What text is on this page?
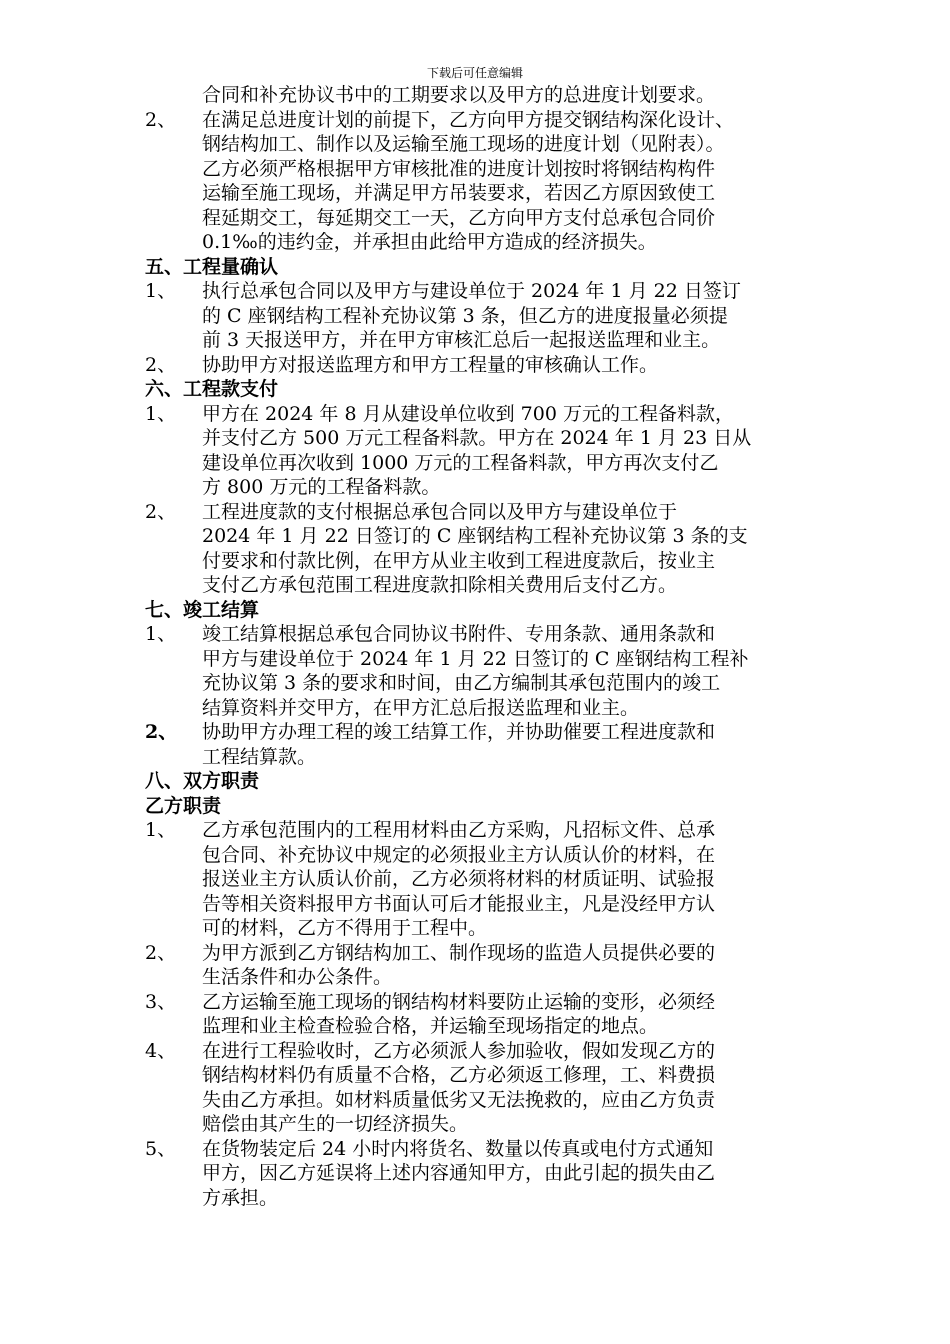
下载后可任意编辑
合同和补充协议书中的工期要求以及甲方的总进度计划要求。
2、	在满足总进度计划的前提下，乙方向甲方提交钢结构深化设计、
钢结构加工、制作以及运输至施工现场的进度计划（见附表）。
乙方必须严格根据甲方审核批准的进度计划按时将钢结构构件
运输至施工现场，并满足甲方吊装要求，若因乙方原因致使工
程延期交工，每延期交工一天，乙方向甲方支付总承包合同价
0.1‰的违约金，并承担由此给甲方造成的经济损失。
五、工程量确认
1、	执行总承包合同以及甲方与建设单位于 2024 年 1 月 22 日签订
的 C 座钢结构工程补充协议第 3 条，但乙方的进度报量必须提
前 3 天报送甲方，并在甲方审核汇总后一起报送监理和业主。
2、	协助甲方对报送监理方和甲方工程量的审核确认工作。
六、工程款支付
1、	甲方在 2024 年 8 月从建设单位收到 700 万元的工程备料款，
并支付乙方 500 万元工程备料款。甲方在 2024 年 1 月 23 日从
建设单位再次收到 1000 万元的工程备料款，甲方再次支付乙
方 800 万元的工程备料款。
2、	工程进度款的支付根据总承包合同以及甲方与建设单位于
2024 年 1 月 22 日签订的 C 座钢结构工程补充协议第 3 条的支
付要求和付款比例，在甲方从业主收到工程进度款后，按业主
支付乙方承包范围工程进度款扣除相关费用后支付乙方。
七、竣工结算
1、	竣工结算根据总承包合同协议书附件、专用条款、通用条款和
甲方与建设单位于 2024 年 1 月 22 日签订的 C 座钢结构工程补
充协议第 3 条的要求和时间，由乙方编制其承包范围内的竣工
结算资料并交甲方，在甲方汇总后报送监理和业主。
2、	协助甲方办理工程的竣工结算工作，并协助催要工程进度款和
工程结算款。
八、双方职责
乙方职责
1、	乙方承包范围内的工程用材料由乙方采购，凡招标文件、总承
包合同、补充协议中规定的必须报业主方认质认价的材料，在
报送业主方认质认价前，乙方必须将材料的材质证明、试验报
告等相关资料报甲方书面认可后才能报业主，凡是没经甲方认
可的材料，乙方不得用于工程中。
2、	为甲方派到乙方钢结构加工、制作现场的监造人员提供必要的
生活条件和办公条件。
3、	乙方运输至施工现场的钢结构材料要防止运输的变形，必须经
监理和业主检查检验合格，并运输至现场指定的地点。
4、	在进行工程验收时，乙方必须派人参加验收，假如发现乙方的
钢结构材料仍有质量不合格，乙方必须返工修理，工、料费损
失由乙方承担。如材料质量低劣又无法挽救的，应由乙方负责
赔偿由其产生的一切经济损失。
5、	在货物装定后 24 小时内将货名、数量以传真或电付方式通知
甲方，因乙方延误将上述内容通知甲方，由此引起的损失由乙
方承担。
